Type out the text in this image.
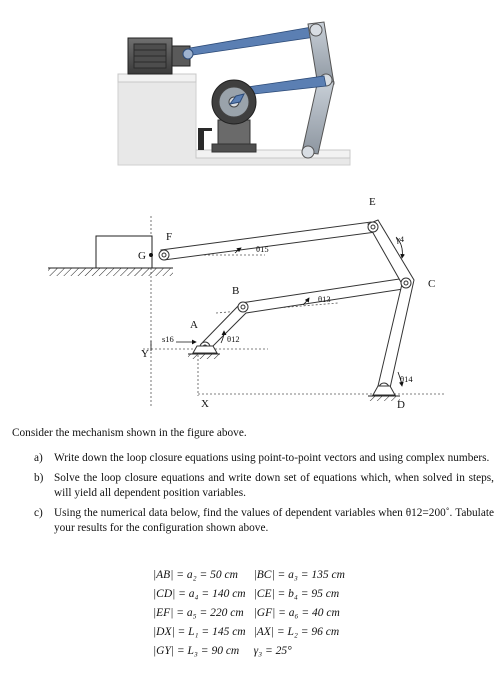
E
F
G
B
A
C
D
X
Y
γ4
θ15
θ13
θ12
θ14
s16

Consider the mechanism shown in the figure above.

a) Write down the loop closure equations using point-to-point vectors and using complex numbers.
b) Solve the loop closure equations and write down set of equations which, when solved in steps, will yield all dependent position variables.
c) Using the numerical data below, find the values of dependent variables when θ12=200˚. Tabulate your results for the configuration shown above.
|AB| = a₂ = 50 cm	|BC| = a₃ = 135 cm
|CD| = a₄ = 140 cm	|CE| = b₄ = 95 cm
|EF| = a₅ = 220 cm	|GF| = a₆ = 40 cm
|DX| = L₁ = 145 cm	|AX| = L₂ = 96 cm
|GY| = L₃ = 90 cm	γ₃ = 25°
